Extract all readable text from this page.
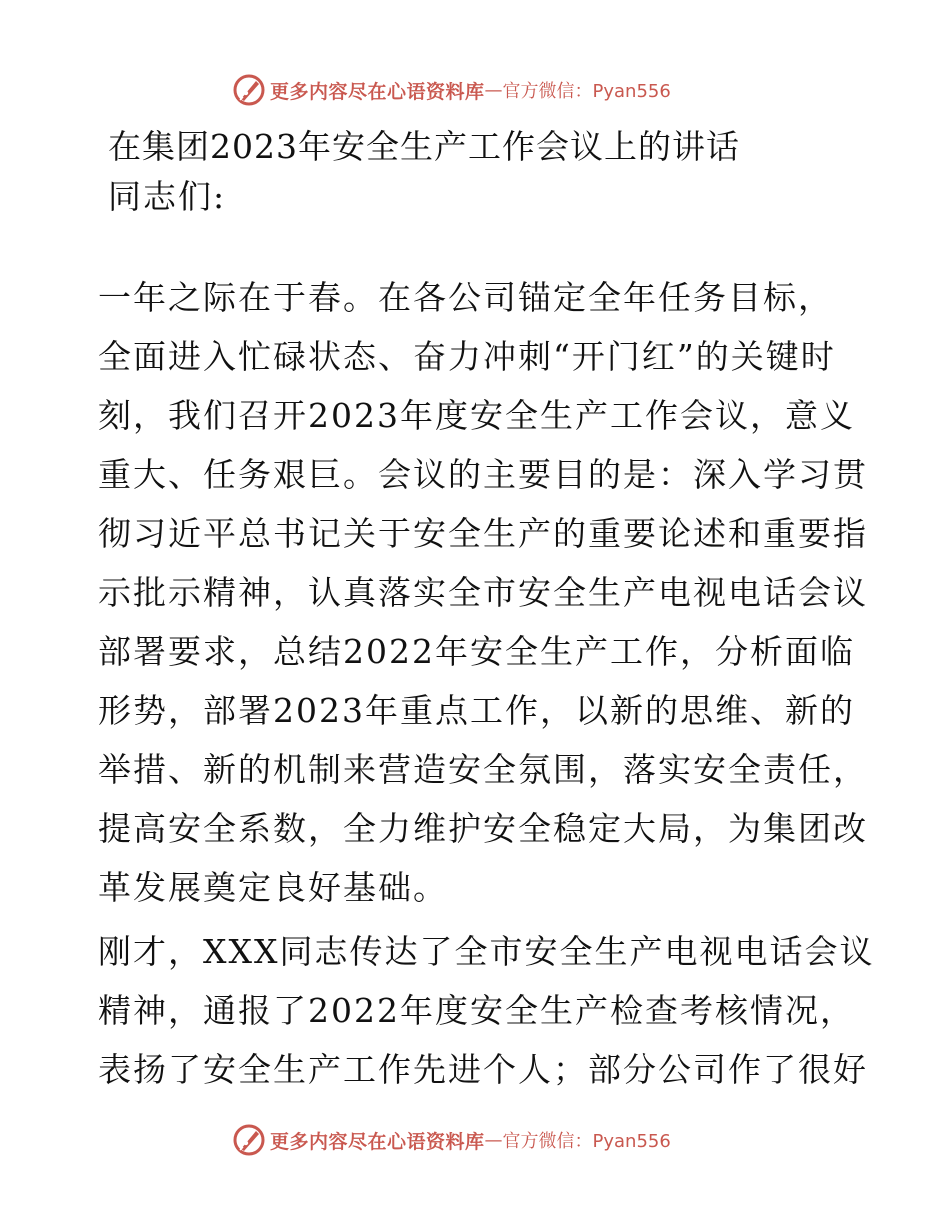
更多内容尽在心语资料库 — 官方微信：Pyan556
在集团2023年安全生产工作会议上的讲话
同志们:
一年之际在于春。在各公司锚定全年任务目标，
全面进入忙碌状态、奋力冲刺“开门红”的关键时
刻，我们召开2023年度安全生产工作会议，意义
重大、任务艰巨。会议的主要目的是：深入学习贯
彻习近平总书记关于安全生产的重要论述和重要指
示批示精神，认真落实全市安全生产电视电话会议
部署要求，总结2022年安全生产工作，分析面临
形势，部署2023年重点工作，以新的思维、新的
举措、新的机制来营造安全氛围，落实安全责任，
提高安全系数，全力维护安全稳定大局，为集团改
革发展奠定良好基础。
刚才，XXX同志传达了全市安全生产电视电话会议
精神，通报了2022年度安全生产检查考核情况，
表扬了安全生产工作先进个人；部分公司作了很好
更多内容尽在心语资料库 — 官方微信：Pyan556
